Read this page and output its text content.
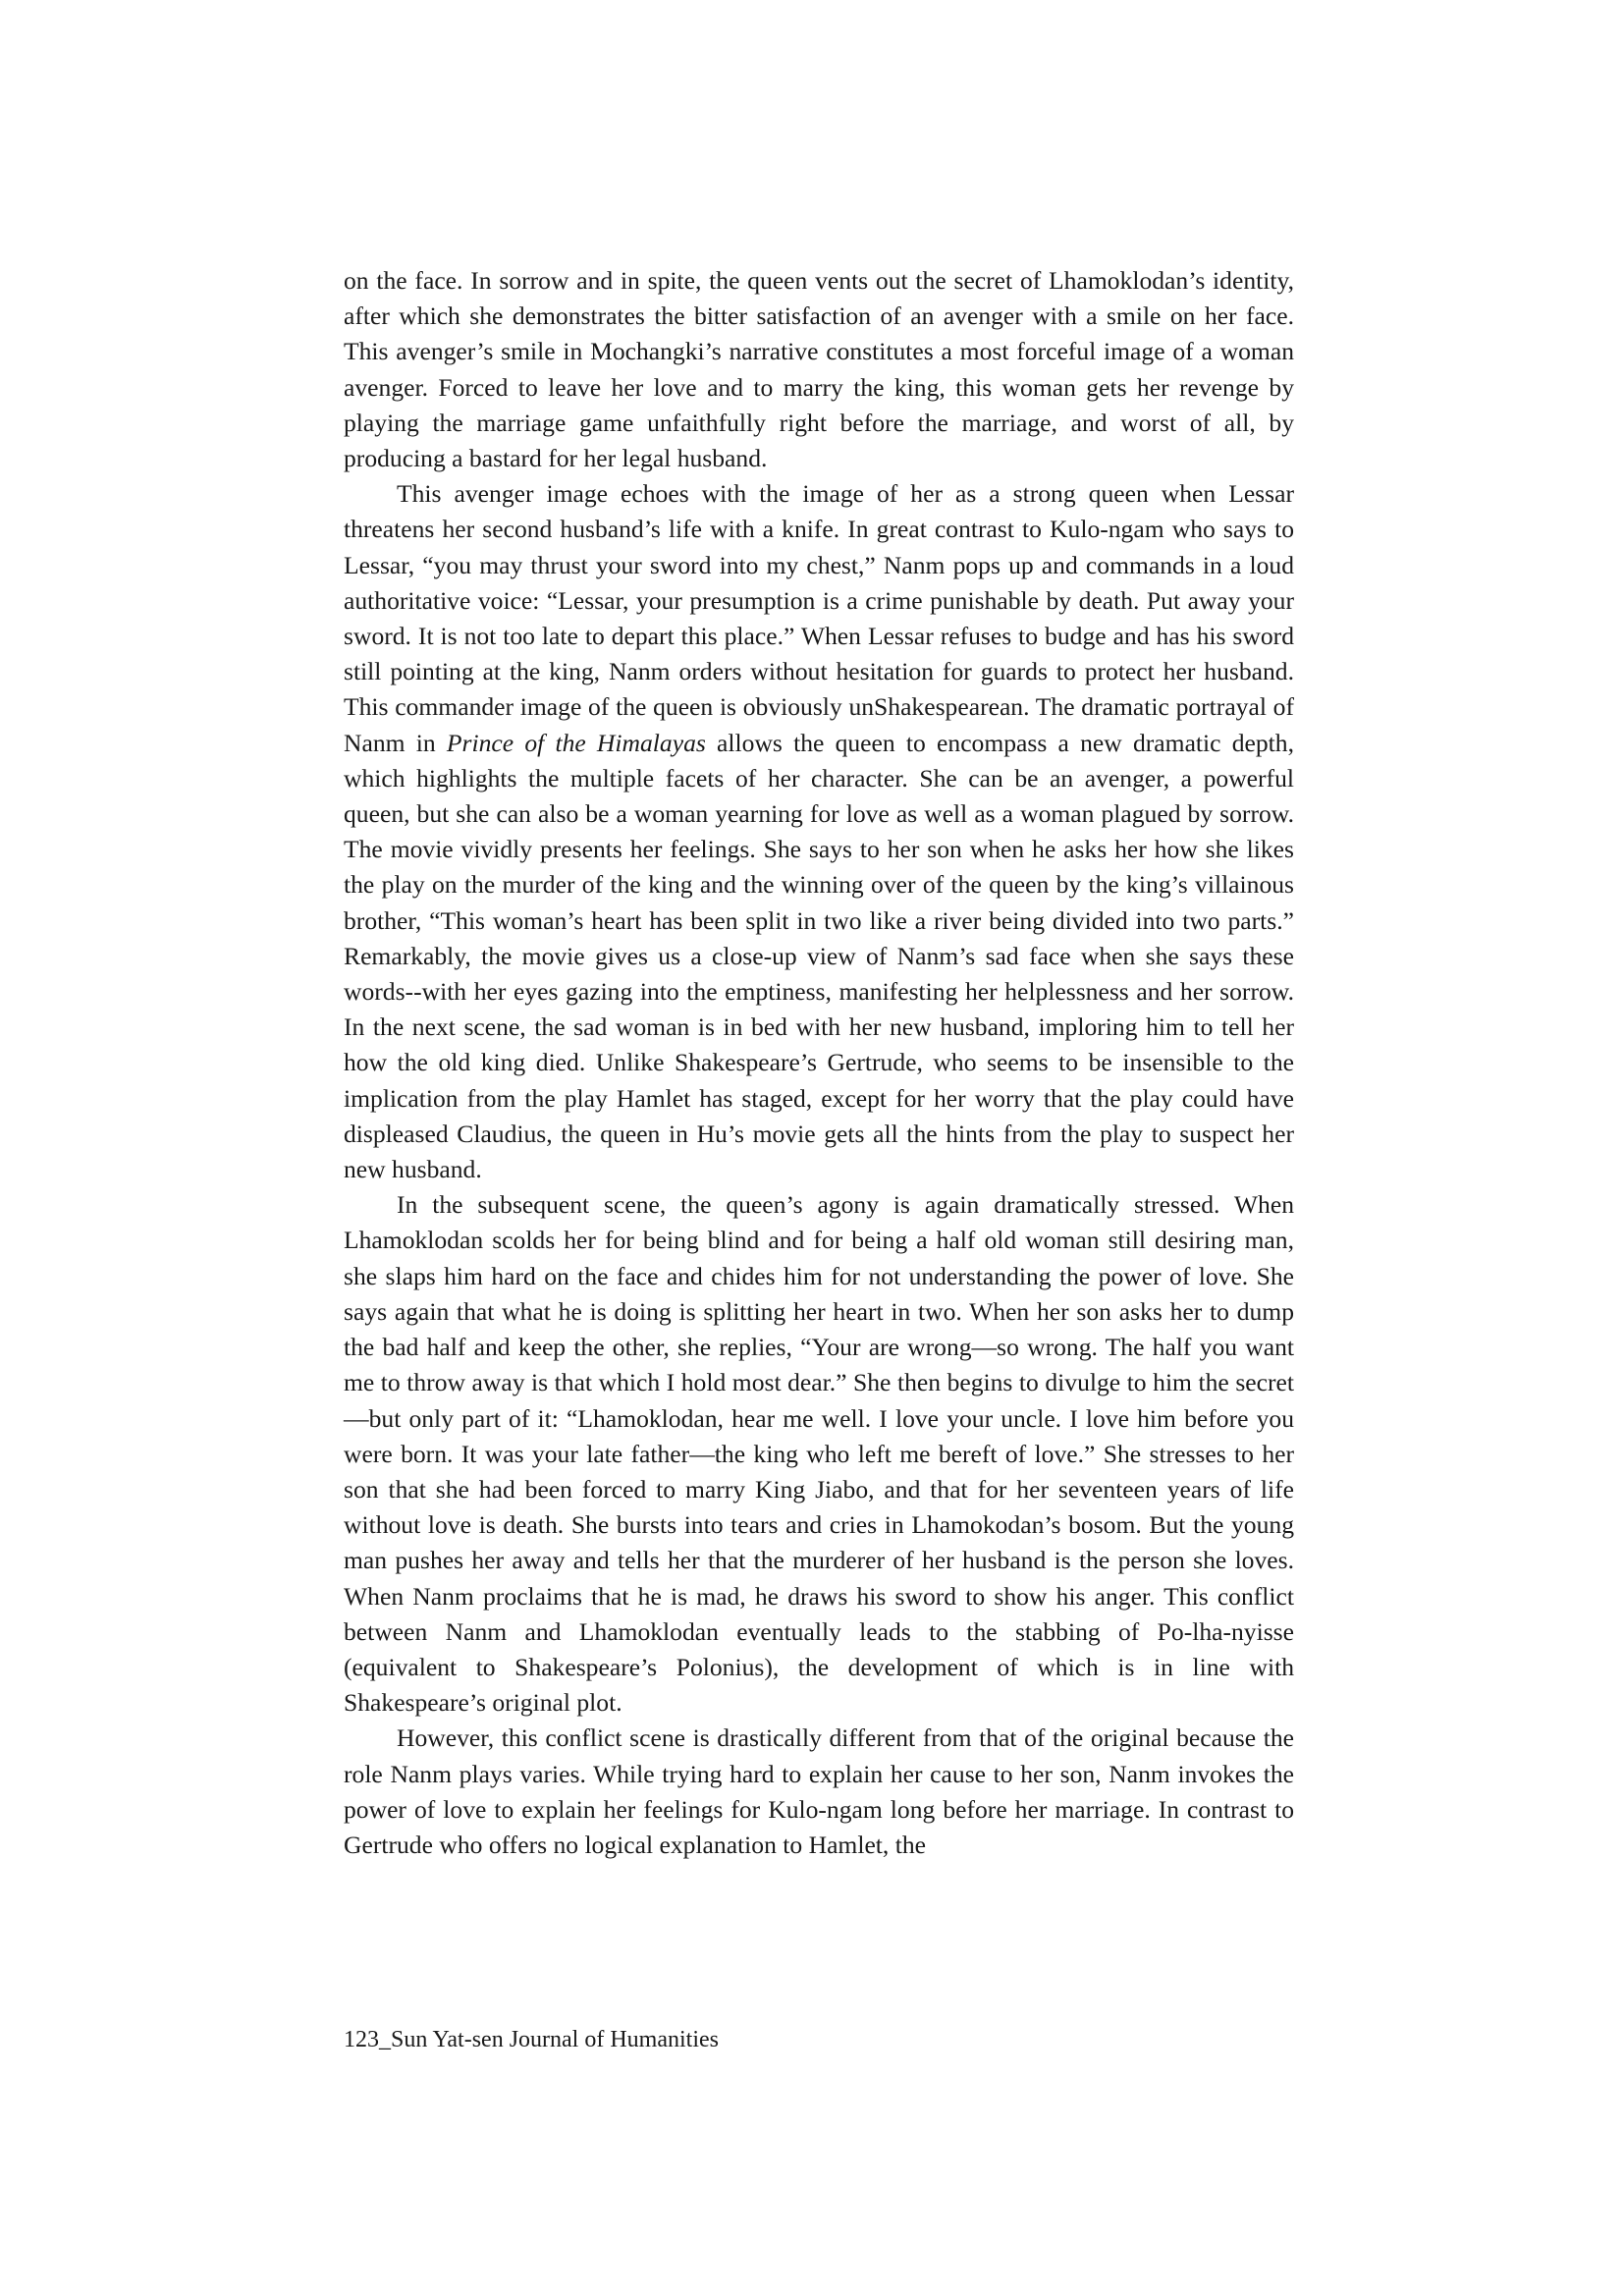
on the face. In sorrow and in spite, the queen vents out the secret of Lhamoklodan’s identity, after which she demonstrates the bitter satisfaction of an avenger with a smile on her face. This avenger’s smile in Mochangki’s narrative constitutes a most forceful image of a woman avenger. Forced to leave her love and to marry the king, this woman gets her revenge by playing the marriage game unfaithfully right before the marriage, and worst of all, by producing a bastard for her legal husband.

This avenger image echoes with the image of her as a strong queen when Lessar threatens her second husband’s life with a knife. In great contrast to Kulo-ngam who says to Lessar, “you may thrust your sword into my chest,” Nanm pops up and commands in a loud authoritative voice: “Lessar, your presumption is a crime punishable by death. Put away your sword. It is not too late to depart this place.” When Lessar refuses to budge and has his sword still pointing at the king, Nanm orders without hesitation for guards to protect her husband. This commander image of the queen is obviously unShakespearean. The dramatic portrayal of Nanm in Prince of the Himalayas allows the queen to encompass a new dramatic depth, which highlights the multiple facets of her character. She can be an avenger, a powerful queen, but she can also be a woman yearning for love as well as a woman plagued by sorrow. The movie vividly presents her feelings. She says to her son when he asks her how she likes the play on the murder of the king and the winning over of the queen by the king’s villainous brother, “This woman’s heart has been split in two like a river being divided into two parts.” Remarkably, the movie gives us a close-up view of Nanm’s sad face when she says these words--with her eyes gazing into the emptiness, manifesting her helplessness and her sorrow. In the next scene, the sad woman is in bed with her new husband, imploring him to tell her how the old king died. Unlike Shakespeare’s Gertrude, who seems to be insensible to the implication from the play Hamlet has staged, except for her worry that the play could have displeased Claudius, the queen in Hu’s movie gets all the hints from the play to suspect her new husband.

In the subsequent scene, the queen’s agony is again dramatically stressed. When Lhamoklodan scolds her for being blind and for being a half old woman still desiring man, she slaps him hard on the face and chides him for not understanding the power of love. She says again that what he is doing is splitting her heart in two. When her son asks her to dump the bad half and keep the other, she replies, “Your are wrong—so wrong. The half you want me to throw away is that which I hold most dear.” She then begins to divulge to him the secret—but only part of it: “Lhamoklodan, hear me well. I love your uncle. I love him before you were born. It was your late father—the king who left me bereft of love.” She stresses to her son that she had been forced to marry King Jiabo, and that for her seventeen years of life without love is death. She bursts into tears and cries in Lhamokodan’s bosom. But the young man pushes her away and tells her that the murderer of her husband is the person she loves. When Nanm proclaims that he is mad, he draws his sword to show his anger. This conflict between Nanm and Lhamoklodan eventually leads to the stabbing of Po-lha-nyisse (equivalent to Shakespeare’s Polonius), the development of which is in line with Shakespeare’s original plot.

However, this conflict scene is drastically different from that of the original because the role Nanm plays varies. While trying hard to explain her cause to her son, Nanm invokes the power of love to explain her feelings for Kulo-ngam long before her marriage. In contrast to Gertrude who offers no logical explanation to Hamlet, the

123_Sun Yat-sen Journal of Humanities
